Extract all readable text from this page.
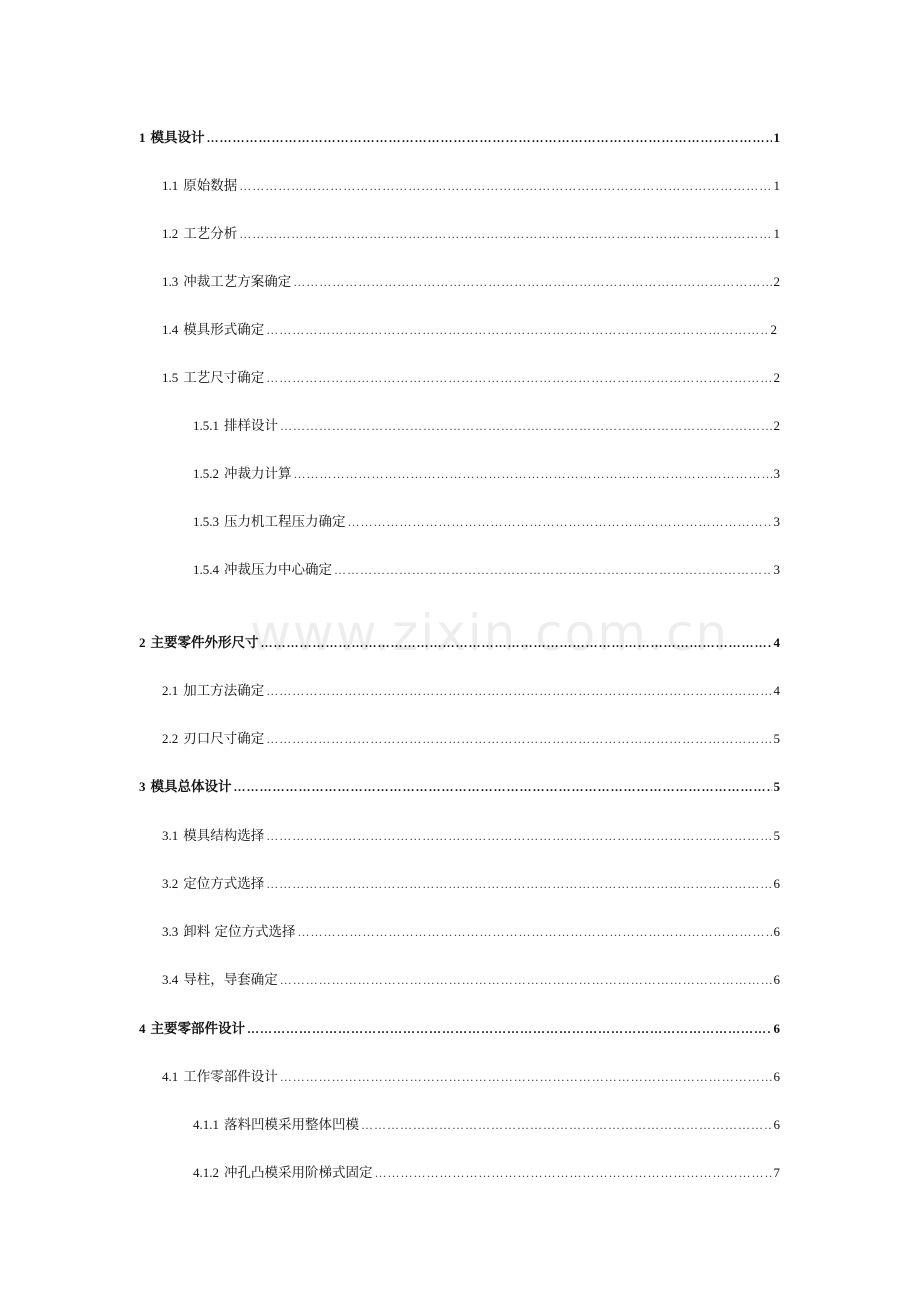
1 模具设计 ………………………………………………………………………………………………………………………………………………………………………………………	1
1.1 原始数据 ………………………………………………………………………………………………………………………………………………………………………………………	1
1.2 工艺分析 ………………………………………………………………………………………………………………………………………………………………………………………	1
1.3 冲裁工艺方案确定 ………………………………………………………………………………………………………………………………………………………………………………………	2
1.4 模具形式确定 ………………………………………………………………………………………………………………………………………………………………………………………	2
1.5 工艺尺寸确定 ………………………………………………………………………………………………………………………………………………………………………………………	2
1.5.1 排样设计 ………………………………………………………………………………………………………………………………………………………………………………………	2
1.5.2 冲裁力计算 ………………………………………………………………………………………………………………………………………………………………………………………	3
1.5.3 压力机工程压力确定 ………………………………………………………………………………………………………………………………………………………………………………………	3
1.5.4 冲裁压力中心确定 ………………………………………………………………………………………………………………………………………………………………………………………	3
2 主要零件外形尺寸 ………………………………………………………………………………………………………………………………………………………………………………………	4
2.1 加工方法确定 ………………………………………………………………………………………………………………………………………………………………………………………	4
2.2 刃口尺寸确定 ………………………………………………………………………………………………………………………………………………………………………………………	5
3 模具总体设计 ………………………………………………………………………………………………………………………………………………………………………………………	5
3.1 模具结构选择 ………………………………………………………………………………………………………………………………………………………………………………………	5
3.2 定位方式选择 ………………………………………………………………………………………………………………………………………………………………………………………	6
3.3 卸料 定位方式选择 ………………………………………………………………………………………………………………………………………………………………………………………	6
3.4 导柱，导套确定 ………………………………………………………………………………………………………………………………………………………………………………………	6
4 主要零部件设计 ………………………………………………………………………………………………………………………………………………………………………………………	6
4.1 工作零部件设计 ………………………………………………………………………………………………………………………………………………………………………………………	6
4.1.1 落料凹模采用整体凹模 ………………………………………………………………………………………………………………………………………………………………………………………	6
4.1.2 冲孔凸模采用阶梯式固定 ………………………………………………………………………………………………………………………………………………………………………………………	7
www.zixin.com.cn
